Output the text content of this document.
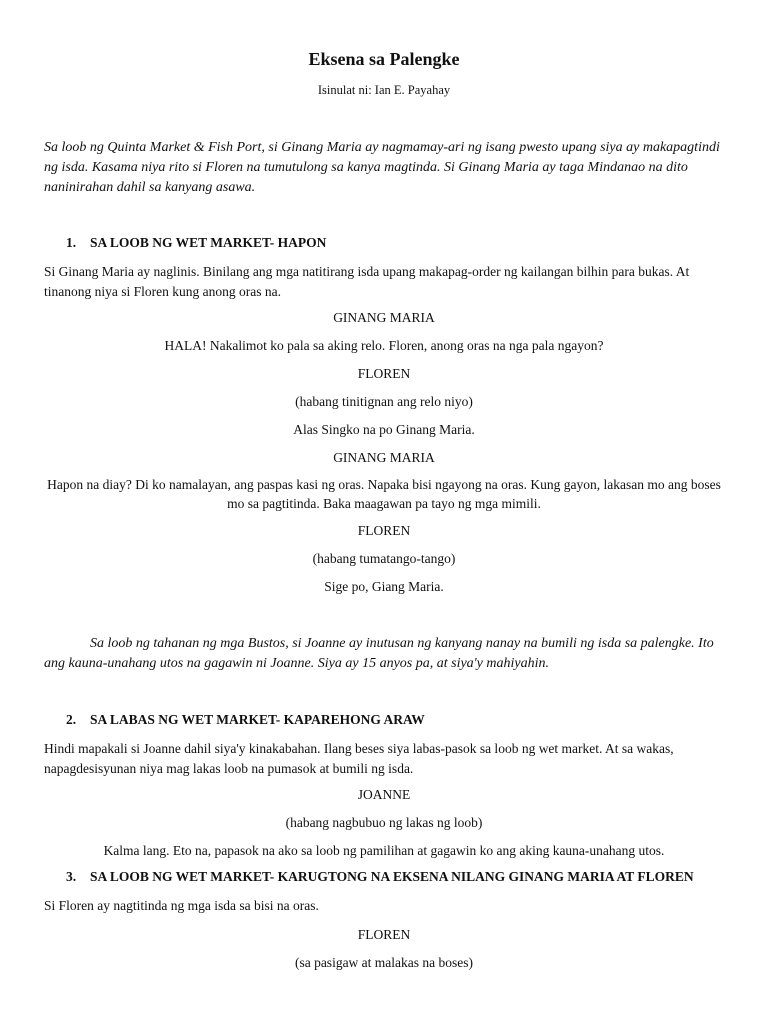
Eksena sa Palengke
Isinulat ni: Ian E. Payahay
Sa loob ng Quinta Market & Fish Port, si Ginang Maria ay nagmamay-ari ng isang pwesto upang siya ay makapagtindi ng isda. Kasama niya rito si Floren na tumutulong sa kanya magtinda. Si Ginang Maria ay taga Mindanao na dito naninirahan dahil sa kanyang asawa.
1. SA LOOB NG WET MARKET- HAPON
Si Ginang Maria ay naglinis. Binilang ang mga natitirang isda upang makapag-order ng kailangan bilhin para bukas. At tinanong niya si Floren kung anong oras na.
GINANG MARIA
HALA! Nakalimot ko pala sa aking relo. Floren, anong oras na nga pala ngayon?
FLOREN
(habang tinitignan ang relo niyo)
Alas Singko na po Ginang Maria.
GINANG MARIA
Hapon na diay? Di ko namalayan, ang paspas kasi ng oras. Napaka bisi ngayong na oras. Kung gayon, lakasan mo ang boses mo sa pagtitinda. Baka maagawan pa tayo ng mga mimili.
FLOREN
(habang tumatango-tango)
Sige po, Giang Maria.
Sa loob ng tahanan ng mga Bustos, si Joanne ay inutusan ng kanyang nanay na bumili ng isda sa palengke. Ito ang kauna-unahang utos na gagawin ni Joanne. Siya ay 15 anyos pa, at siya'y mahiyahin.
2. SA LABAS NG WET MARKET- KAPAREHONG ARAW
Hindi mapakali si Joanne dahil siya'y kinakabahan. Ilang beses siya labas-pasok sa loob ng wet market. At sa wakas, napagdesisyunan niya mag lakas loob na pumasok at bumili ng isda.
JOANNE
(habang nagbubuo ng lakas ng loob)
Kalma lang. Eto na, papasok na ako sa loob ng pamilihan at gagawin ko ang aking kauna-unahang utos.
3. SA LOOB NG WET MARKET- KARUGTONG NA EKSENA NILANG GINANG MARIA AT FLOREN
Si Floren ay nagtitinda ng mga isda sa bisi na oras.
FLOREN
(sa pasigaw at malakas na boses)
